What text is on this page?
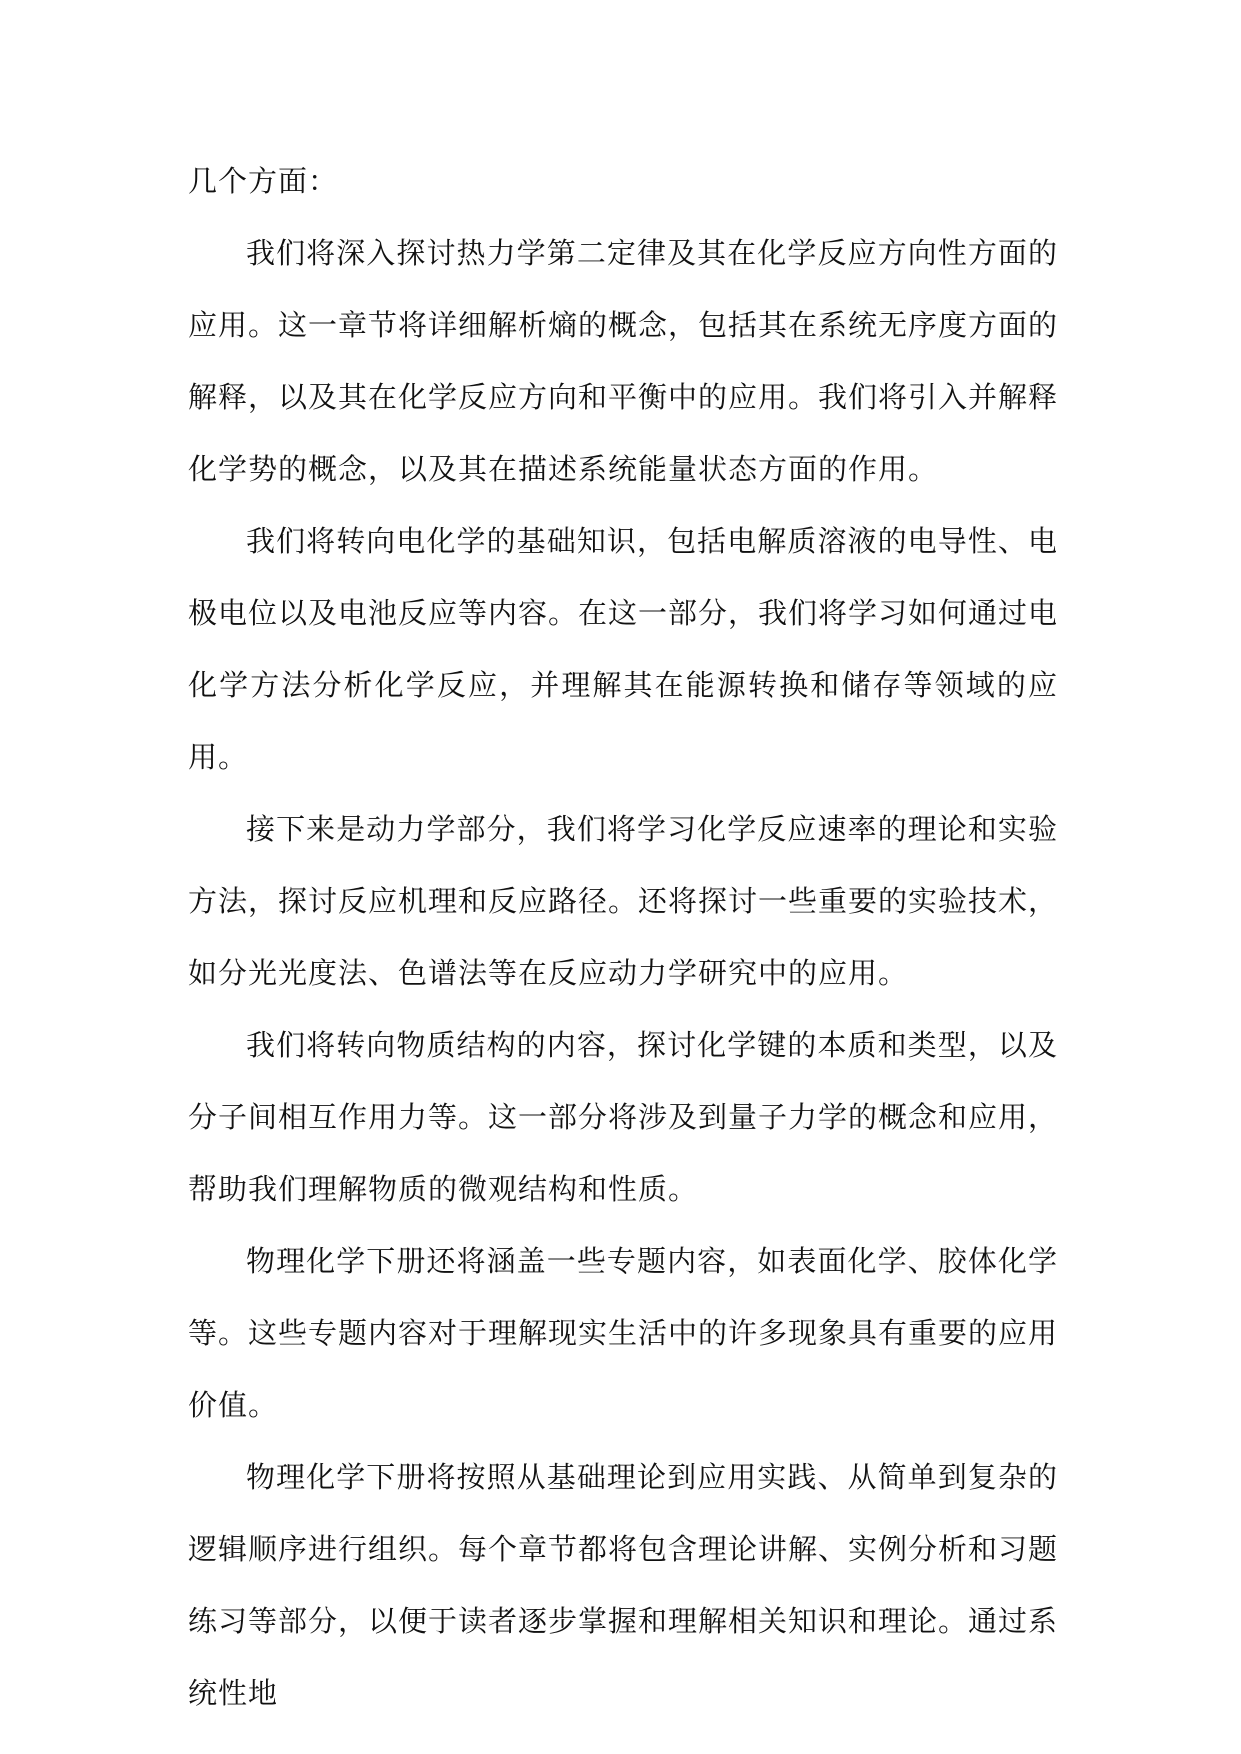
几个方面：

我们将深入探讨热力学第二定律及其在化学反应方向性方面的应用。这一章节将详细解析熵的概念，包括其在系统无序度方面的解释，以及其在化学反应方向和平衡中的应用。我们将引入并解释化学势的概念，以及其在描述系统能量状态方面的作用。

我们将转向电化学的基础知识，包括电解质溶液的电导性、电极电位以及电池反应等内容。在这一部分，我们将学习如何通过电化学方法分析化学反应，并理解其在能源转换和储存等领域的应用。

接下来是动力学部分，我们将学习化学反应速率的理论和实验方法，探讨反应机理和反应路径。还将探讨一些重要的实验技术，如分光光度法、色谱法等在反应动力学研究中的应用。

我们将转向物质结构的内容，探讨化学键的本质和类型，以及分子间相互作用力等。这一部分将涉及到量子力学的概念和应用，帮助我们理解物质的微观结构和性质。

物理化学下册还将涵盖一些专题内容，如表面化学、胶体化学等。这些专题内容对于理解现实生活中的许多现象具有重要的应用价值。

物理化学下册将按照从基础理论到应用实践、从简单到复杂的逻辑顺序进行组织。每个章节都将包含理论讲解、实例分析和习题练习等部分，以便于读者逐步掌握和理解相关知识和理论。通过系统性地
